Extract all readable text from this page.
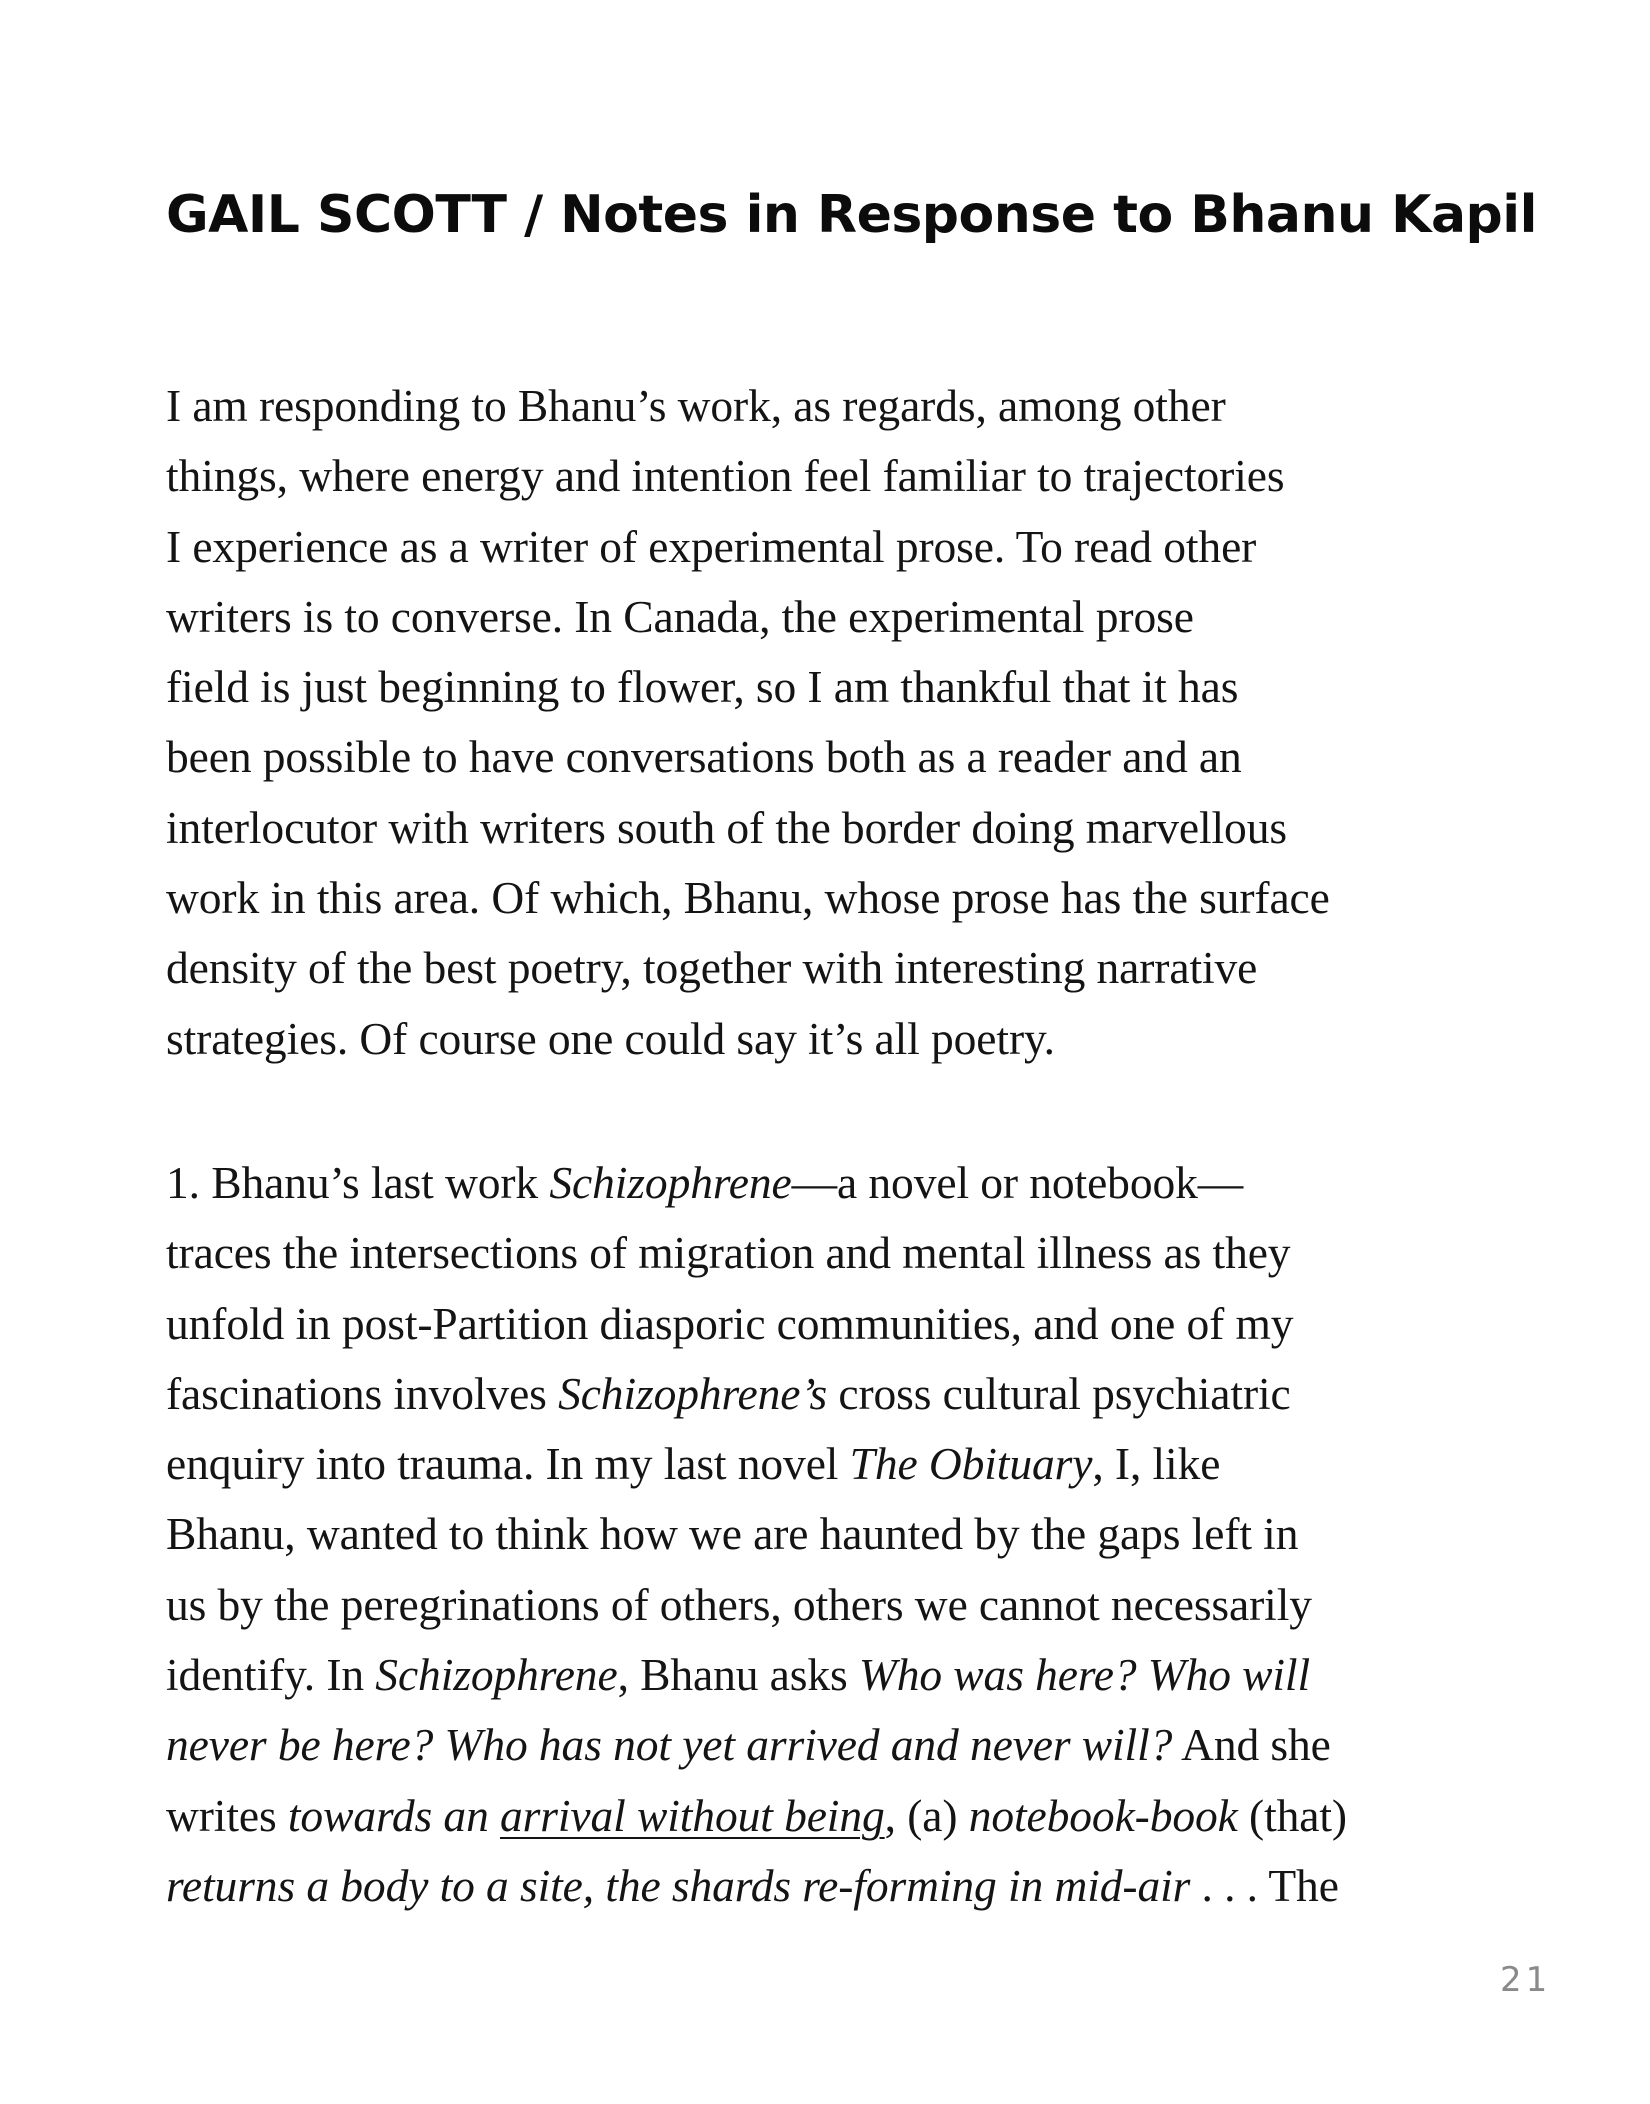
GAIL SCOTT / Notes in Response to Bhanu Kapil
I am responding to Bhanu’s work, as regards, among other
things, where energy and intention feel familiar to trajectories
I experience as a writer of experimental prose. To read other
writers is to converse. In Canada, the experimental prose
field is just beginning to flower, so I am thankful that it has
been possible to have conversations both as a reader and an
interlocutor with writers south of the border doing marvellous
work in this area. Of which, Bhanu, whose prose has the surface
density of the best poetry, together with interesting narrative
strategies. Of course one could say it’s all poetry.
1. Bhanu’s last work Schizophrene—a novel or notebook—
traces the intersections of migration and mental illness as they
unfold in post-Partition diasporic communities, and one of my
fascinations involves Schizophrene’s cross cultural psychiatric
enquiry into trauma. In my last novel The Obituary, I, like
Bhanu, wanted to think how we are haunted by the gaps left in
us by the peregrinations of others, others we cannot necessarily
identify. In Schizophrene, Bhanu asks Who was here? Who will
never be here? Who has not yet arrived and never will? And she
writes towards an arrival without being, (a) notebook-book (that)
returns a body to a site, the shards re-forming in mid-air . . . The
21
